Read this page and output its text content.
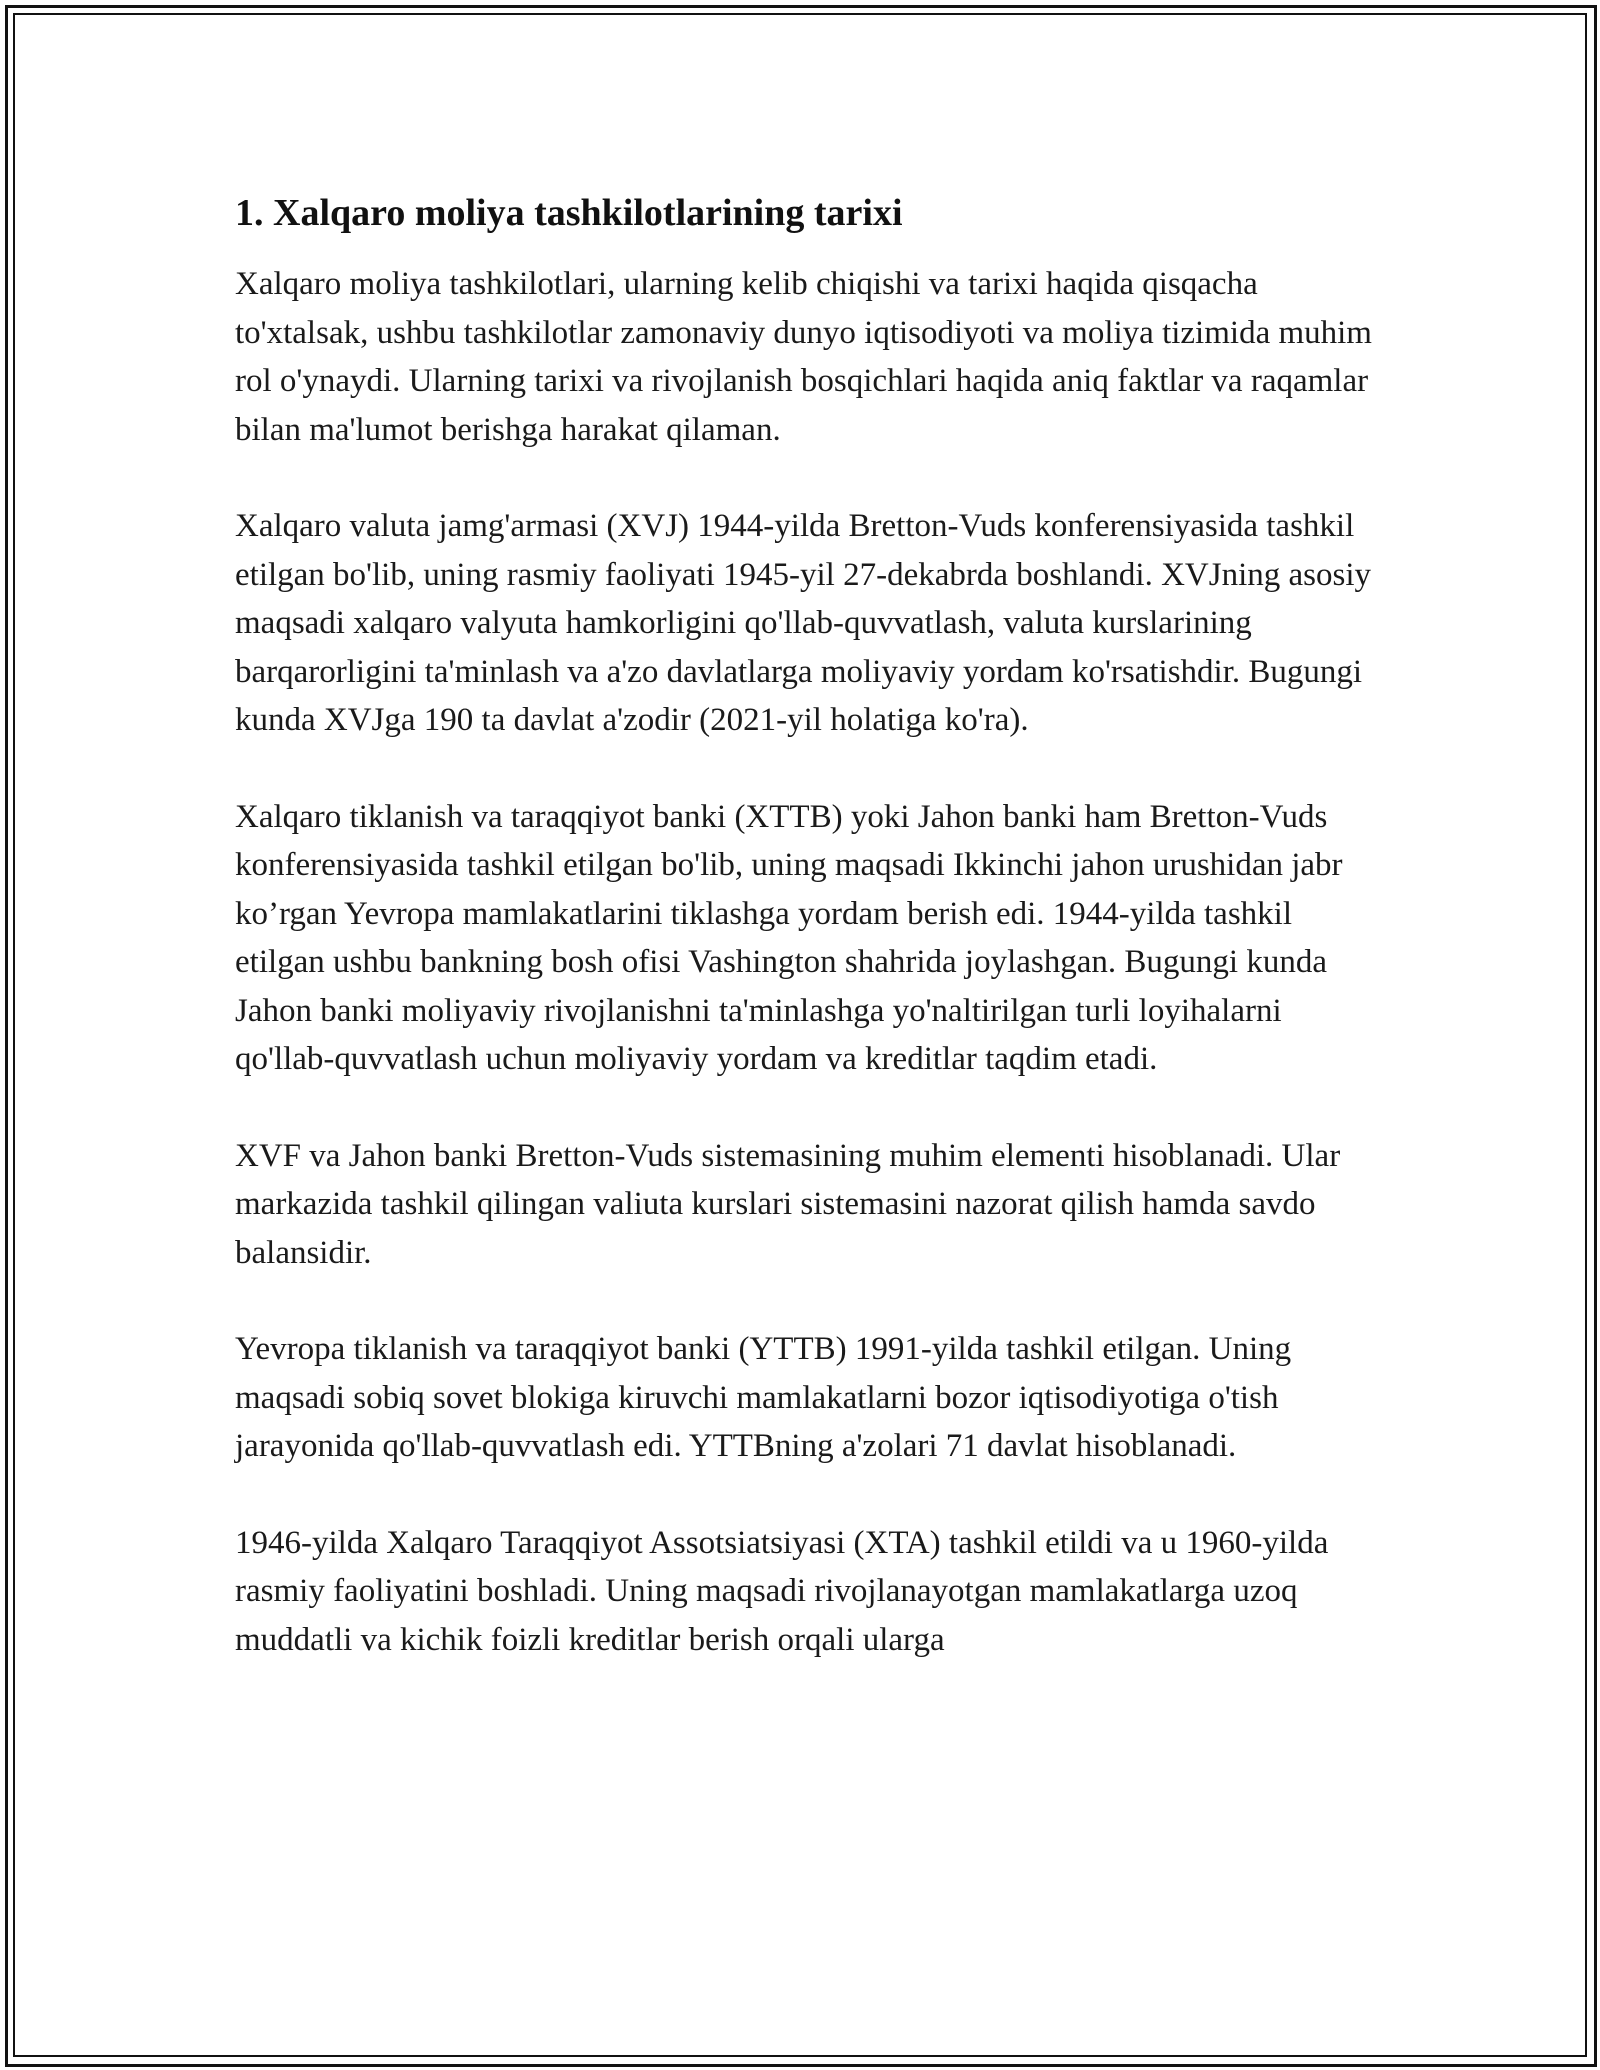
1. Xalqaro moliya tashkilotlarining tarixi

Xalqaro moliya tashkilotlari, ularning kelib chiqishi va tarixi haqida qisqacha to'xtalsak, ushbu tashkilotlar zamonaviy dunyo iqtisodiyoti va moliya tizimida muhim rol o'ynaydi. Ularning tarixi va rivojlanish bosqichlari haqida aniq faktlar va raqamlar bilan ma'lumot berishga harakat qilaman.

Xalqaro valuta jamg'armasi (XVJ) 1944-yilda Bretton-Vuds konferensiyasida tashkil etilgan bo'lib, uning rasmiy faoliyati 1945-yil 27-dekabrda boshlandi. XVJning asosiy maqsadi xalqaro valyuta hamkorligini qo'llab-quvvatlash, valuta kurslarining barqarorligini ta'minlash va a'zo davlatlarga moliyaviy yordam ko'rsatishdir. Bugungi kunda XVJga 190 ta davlat a'zodir (2021-yil holatiga ko'ra).

Xalqaro tiklanish va taraqqiyot banki (XTTB) yoki Jahon banki ham Bretton-Vuds konferensiyasida tashkil etilgan bo'lib, uning maqsadi Ikkinchi jahon urushidan jabr ko’rgan Yevropa mamlakatlarini tiklashga yordam berish edi. 1944-yilda tashkil etilgan ushbu bankning bosh ofisi Vashington shahrida joylashgan. Bugungi kunda Jahon banki moliyaviy rivojlanishni ta'minlashga yo'naltirilgan turli loyihalarni qo'llab-quvvatlash uchun moliyaviy yordam va kreditlar taqdim etadi.

XVF va Jahon banki Bretton-Vuds sistemasining muhim elementi hisoblanadi. Ular markazida tashkil qilingan valiuta kurslari sistemasini nazorat qilish hamda savdo balansidir.

Yevropa tiklanish va taraqqiyot banki (YTTB) 1991-yilda tashkil etilgan. Uning maqsadi sobiq sovet blokiga kiruvchi mamlakatlarni bozor iqtisodiyotiga o'tish jarayonida qo'llab-quvvatlash edi. YTTBning a'zolari 71 davlat hisoblanadi.

1946-yilda Xalqaro Taraqqiyot Assotsiatsiyasi (XTA) tashkil etildi va u 1960-yilda rasmiy faoliyatini boshladi. Uning maqsadi rivojlanayotgan mamlakatlarga uzoq muddatli va kichik foizli kreditlar berish orqali ularga
